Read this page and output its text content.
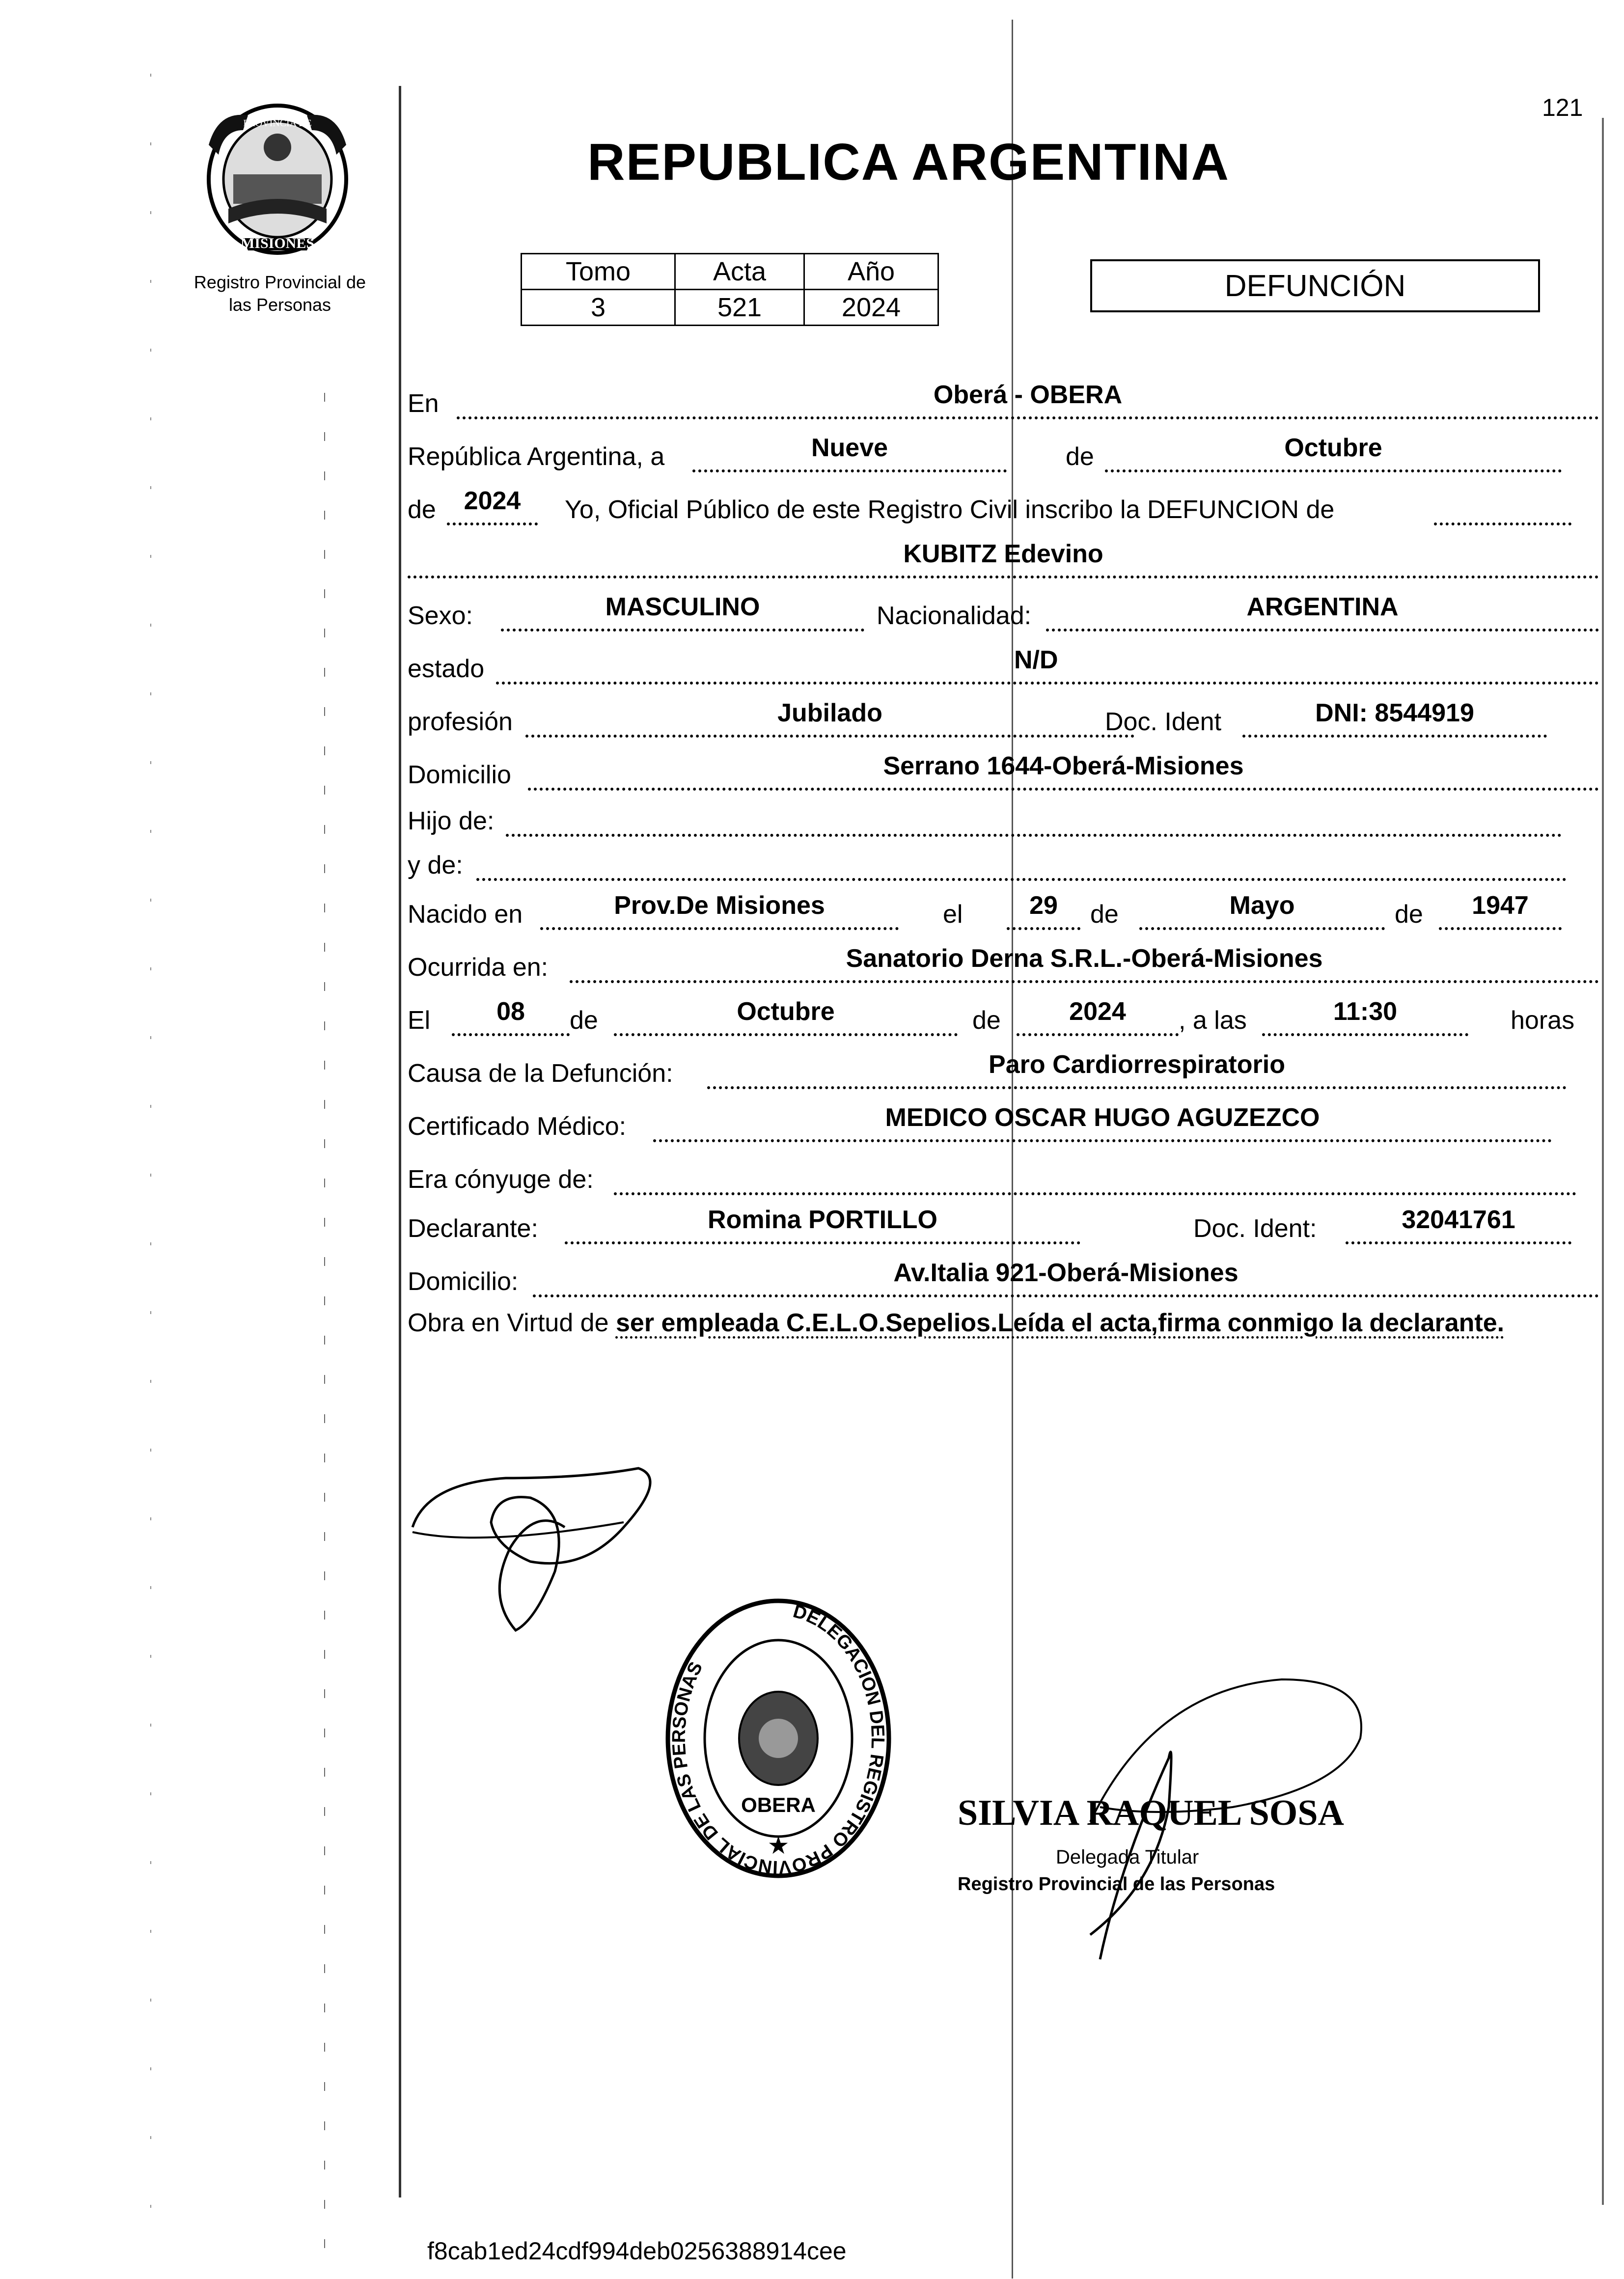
MISIONES
PROVINCIA DE
Registro Provincial de
las Personas
121
REPUBLICA ARGENTINA
Tomo	Acta	Año
3	521	2024
DEFUNCIÓN
En	Oberá - OBERA
República Argentina, a	Nueve	de	Octubre
de	2024	Yo, Oficial Público de este Registro Civil inscribo la DEFUNCION de
KUBITZ Edevino
Sexo:	MASCULINO	Nacionalidad:	ARGENTINA
estado	N/D
profesión	Jubilado	Doc. Ident	DNI: 8544919
Domicilio	Serrano 1644-Oberá-Misiones
Hijo de:
y de:
Nacido en	Prov.De Misiones	el	29	de	Mayo	de	1947
Ocurrida en:	Sanatorio Derna S.R.L.-Oberá-Misiones
El	08	de	Octubre	de	2024	, a las	11:30	horas
Causa de la Defunción:	Paro Cardiorrespiratorio
Certificado Médico:	MEDICO OSCAR HUGO AGUZEZCO
Era cónyuge de:
Declarante:	Romina PORTILLO	Doc. Ident:	32041761
Domicilio:	Av.Italia 921-Oberá-Misiones
Obra en Virtud de ser empleada C.E.L.O.Sepelios.Leída el acta,firma conmigo la declarante.
DELEGACION DEL REGISTRO PROVINCIAL DE LAS PERSONAS
OBERA
★
SILVIA RAQUEL SOSA
Delegada Titular
Registro Provincial de las Personas
f8cab1ed24cdf994deb0256388914cee
